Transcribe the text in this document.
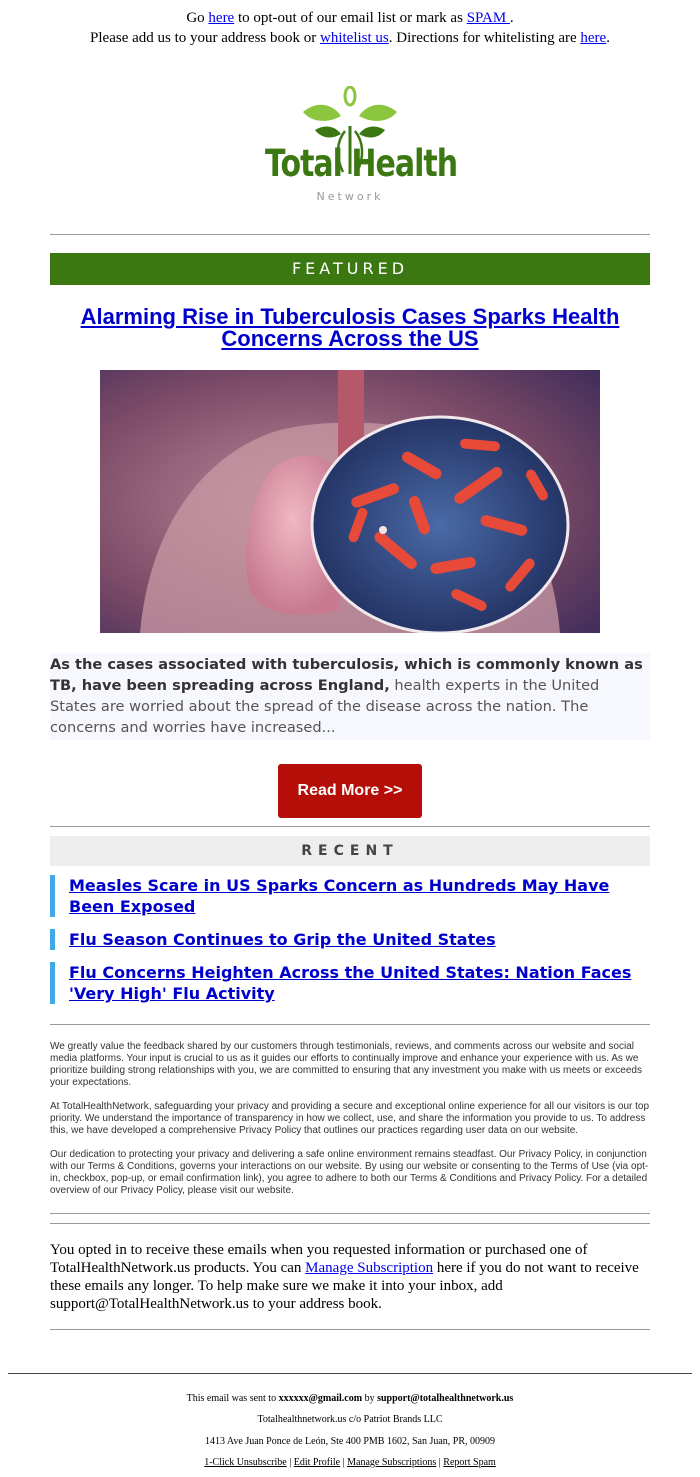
Go here to opt-out of our email list or mark as SPAM .
Please add us to your address book or whitelist us. Directions for whitelisting are here.
Total Health
Network
FEATURED
Alarming Rise in Tuberculosis Cases Sparks Health Concerns Across the US
As the cases associated with tuberculosis, which is commonly known as TB, have been spreading across England, health experts in the United States are worried about the spread of the disease across the nation. The concerns and worries have increased...
Read More >>
RECENT
Measles Scare in US Sparks Concern as Hundreds May Have Been Exposed
Flu Season Continues to Grip the United States
Flu Concerns Heighten Across the United States: Nation Faces 'Very High' Flu Activity

We greatly value the feedback shared by our customers through testimonials, reviews, and comments across our website and social media platforms. Your input is crucial to us as it guides our efforts to continually improve and enhance your experience with us. As we prioritize building strong relationships with you, we are committed to ensuring that any investment you make with us meets or exceeds your expectations.

At TotalHealthNetwork, safeguarding your privacy and providing a secure and exceptional online experience for all our visitors is our top priority. We understand the importance of transparency in how we collect, use, and share the information you provide to us. To address this, we have developed a comprehensive Privacy Policy that outlines our practices regarding user data on our website.

Our dedication to protecting your privacy and delivering a safe online environment remains steadfast. Our Privacy Policy, in conjunction with our Terms & Conditions, governs your interactions on our website. By using our website or consenting to the Terms of Use (via opt-in, checkbox, pop-up, or email confirmation link), you agree to adhere to both our Terms & Conditions and Privacy Policy. For a detailed overview of our Privacy Policy, please visit our website.

You opted in to receive these emails when you requested information or purchased one of TotalHealthNetwork.us products. You can Manage Subscription here if you do not want to receive these emails any longer. To help make sure we make it into your inbox, add support@TotalHealthNetwork.us to your address book.

This email was sent to xxxxxx@gmail.com by support@totalhealthnetwork.us
Totalhealthnetwork.us c/o Patriot Brands LLC
1413 Ave Juan Ponce de León, Ste 400 PMB 1602, San Juan, PR, 00909
1-Click Unsubscribe | Edit Profile | Manage Subscriptions | Report Spam
